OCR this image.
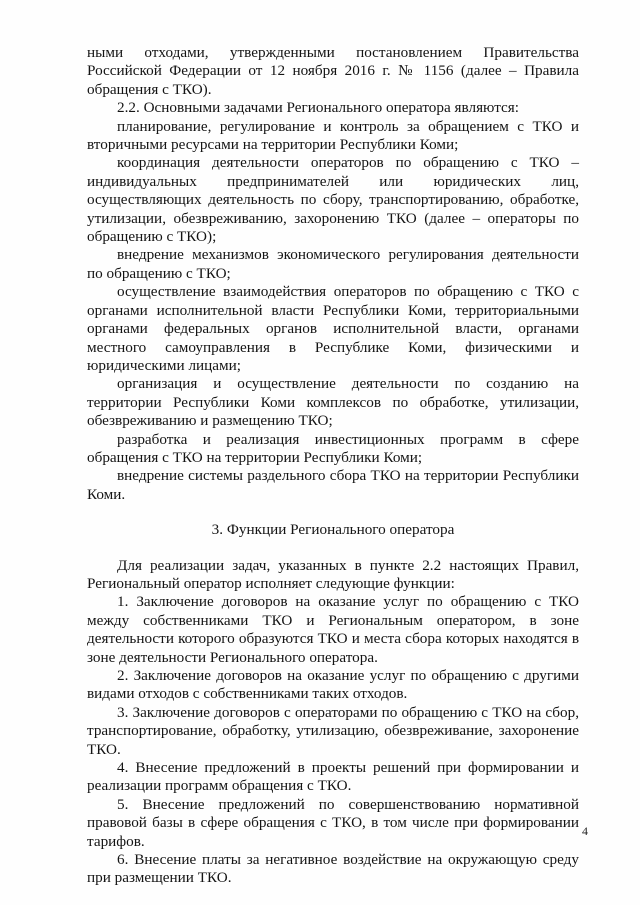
ными отходами, утвержденными постановлением Правительства Российской Федерации от 12 ноября 2016 г. № 1156 (далее – Правила обращения с ТКО).

2.2. Основными задачами Регионального оператора являются:

планирование, регулирование и контроль за обращением с ТКО и вторичными ресурсами на территории Республики Коми;

координация деятельности операторов по обращению с ТКО – индивидуальных предпринимателей или юридических лиц, осуществляющих деятельность по сбору, транспортированию, обработке, утилизации, обезвреживанию, захоронению ТКО (далее – операторы по обращению с ТКО);

внедрение механизмов экономического регулирования деятельности по обращению с ТКО;

осуществление взаимодействия операторов по обращению с ТКО с органами исполнительной власти Республики Коми, территориальными органами федеральных органов исполнительной власти, органами местного самоуправления в Республике Коми, физическими и юридическими лицами;

организация и осуществление деятельности по созданию на территории Республики Коми комплексов по обработке, утилизации, обезвреживанию и размещению ТКО;

разработка и реализация инвестиционных программ в сфере обращения с ТКО на территории Республики Коми;

внедрение системы раздельного сбора ТКО на территории Республики Коми.

3. Функции Регионального оператора

Для реализации задач, указанных в пункте 2.2 настоящих Правил, Региональный оператор исполняет следующие функции:

1. Заключение договоров на оказание услуг по обращению с ТКО между собственниками ТКО и Региональным оператором, в зоне деятельности которого образуются ТКО и места сбора которых находятся в зоне деятельности Регионального оператора.

2. Заключение договоров на оказание услуг по обращению с другими видами отходов с собственниками таких отходов.

3. Заключение договоров с операторами по обращению с ТКО на сбор, транспортирование, обработку, утилизацию, обезвреживание, захоронение ТКО.

4. Внесение предложений в проекты решений при формировании и реализации программ обращения с ТКО.

5. Внесение предложений по совершенствованию нормативной правовой базы в сфере обращения с ТКО, в том числе при формировании тарифов.

6. Внесение платы за негативное воздействие на окружающую среду при размещении ТКО.

4
